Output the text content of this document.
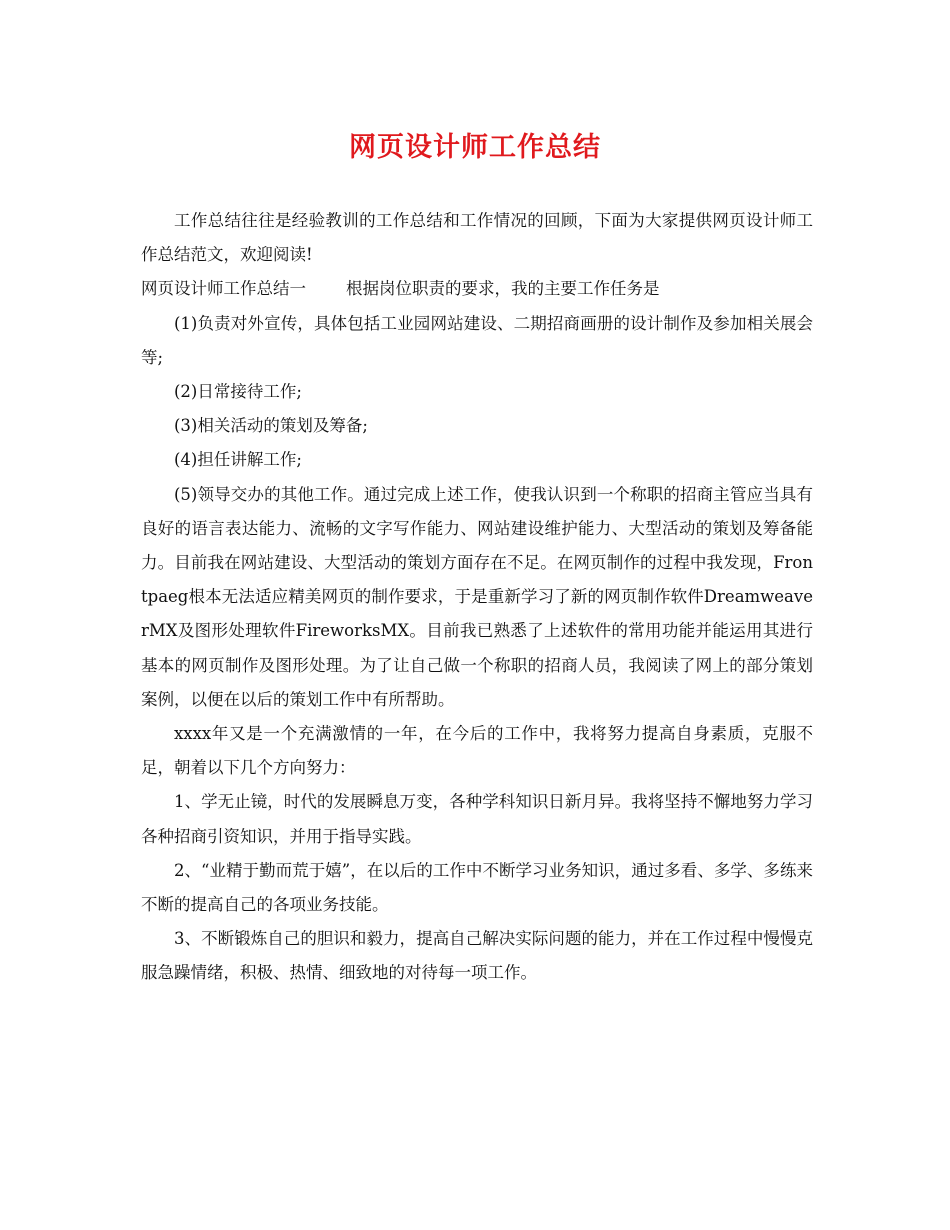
网页设计师工作总结

工作总结往往是经验教训的工作总结和工作情况的回顾，下面为大家提供网页设计师工作总结范文，欢迎阅读!

网页设计师工作总结一 根据岗位职责的要求，我的主要工作任务是

(1)负责对外宣传，具体包括工业园网站建设、二期招商画册的设计制作及参加相关展会等;

(2)日常接待工作;

(3)相关活动的策划及筹备;

(4)担任讲解工作;

(5)领导交办的其他工作。通过完成上述工作，使我认识到一个称职的招商主管应当具有良好的语言表达能力、流畅的文字写作能力、网站建设维护能力、大型活动的策划及筹备能力。目前我在网站建设、大型活动的策划方面存在不足。在网页制作的过程中我发现，Frontpaeg根本无法适应精美网页的制作要求，于是重新学习了新的网页制作软件DreamweaverMX及图形处理软件FireworksMX。目前我已熟悉了上述软件的常用功能并能运用其进行基本的网页制作及图形处理。为了让自己做一个称职的招商人员，我阅读了网上的部分策划案例，以便在以后的策划工作中有所帮助。

xxxx年又是一个充满激情的一年，在今后的工作中，我将努力提高自身素质，克服不足，朝着以下几个方向努力：

1、学无止镜，时代的发展瞬息万变，各种学科知识日新月异。我将坚持不懈地努力学习各种招商引资知识，并用于指导实践。

2、“业精于勤而荒于嬉”，在以后的工作中不断学习业务知识，通过多看、多学、多练来不断的提高自己的各项业务技能。

3、不断锻炼自己的胆识和毅力，提高自己解决实际问题的能力，并在工作过程中慢慢克服急躁情绪，积极、热情、细致地的对待每一项工作。
